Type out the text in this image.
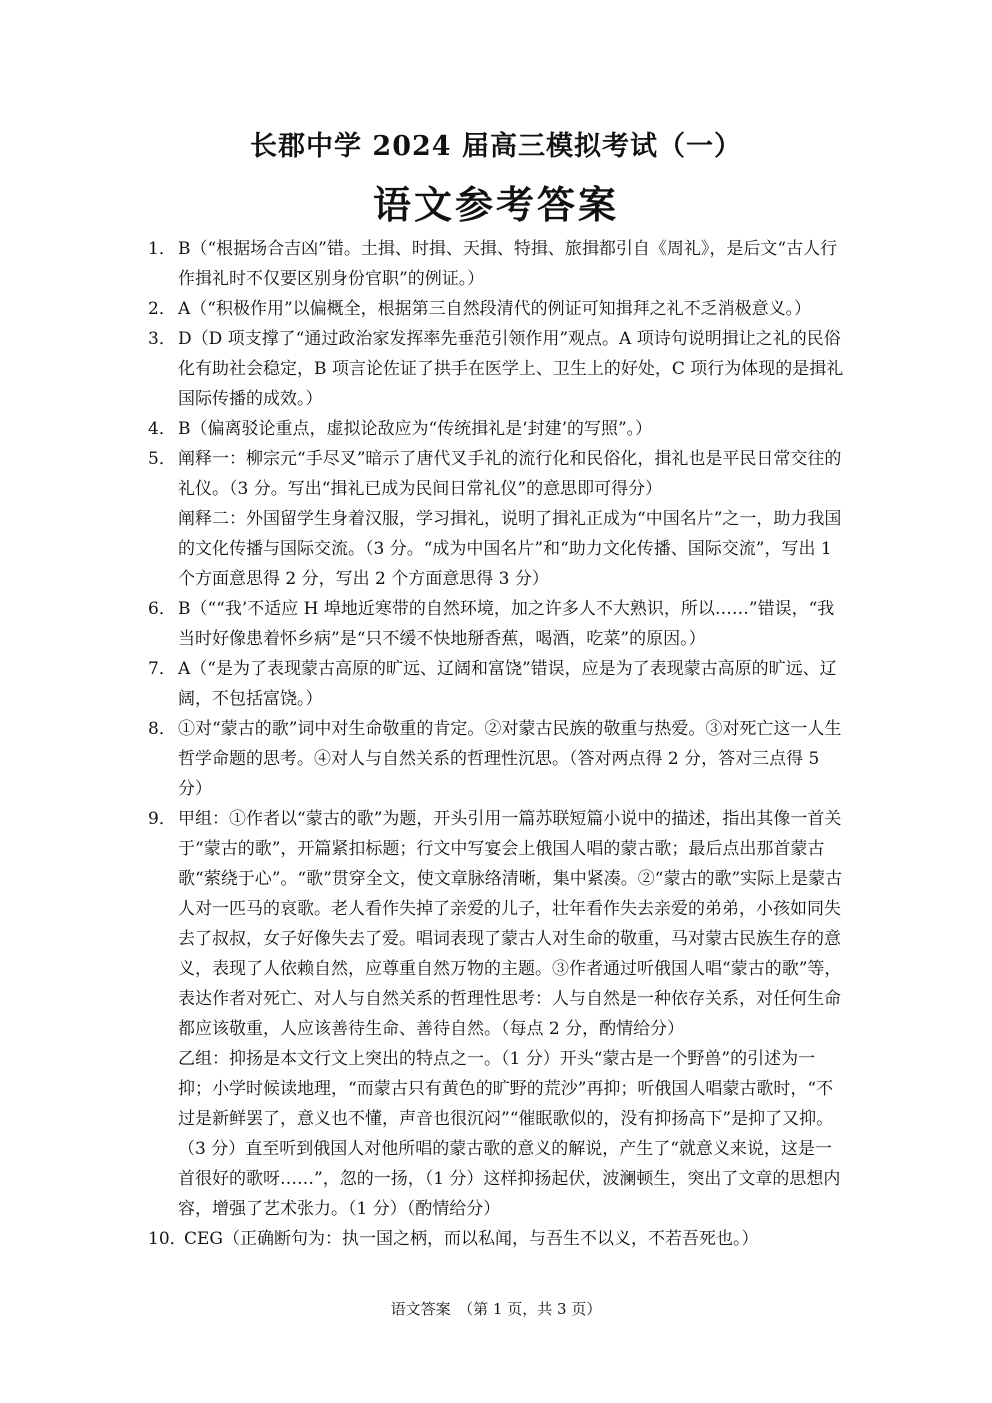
长郡中学 2024 届高三模拟考试（一）
语文参考答案
1． B（“根据场合吉凶”错。土揖、时揖、天揖、特揖、旅揖都引自《周礼》，是后文“古人行作揖礼时不仅要区别身份官职”的例证。）
2． A（“积极作用”以偏概全，根据第三自然段清代的例证可知揖拜之礼不乏消极意义。）
3． D（D 项支撑了“通过政治家发挥率先垂范引领作用”观点。A 项诗句说明揖让之礼的民俗化有助社会稳定，B 项言论佐证了拱手在医学上、卫生上的好处，C 项行为体现的是揖礼国际传播的成效。）
4． B（偏离驳论重点，虚拟论敌应为“传统揖礼是‘封建’的写照”。）
5． 阐释一：柳宗元“手尽叉”暗示了唐代叉手礼的流行化和民俗化，揖礼也是平民日常交往的礼仪。（3 分。写出“揖礼已成为民间日常礼仪”的意思即可得分）
阐释二：外国留学生身着汉服，学习揖礼，说明了揖礼正成为“中国名片”之一，助力我国的文化传播与国际交流。（3 分。“成为中国名片”和“助力文化传播、国际交流”，写出 1 个方面意思得 2 分，写出 2 个方面意思得 3 分）
6． B（““我’不适应 H 埠地近寒带的自然环境，加之许多人不大熟识，所以……”错误，“我当时好像患着怀乡病”是“只不缓不快地掰香蕉，喝酒，吃菜”的原因。）
7． A（“是为了表现蒙古高原的旷远、辽阔和富饶”错误，应是为了表现蒙古高原的旷远、辽阔，不包括富饶。）
8． ①对“蒙古的歌”词中对生命敬重的肯定。②对蒙古民族的敬重与热爱。③对死亡这一人生哲学命题的思考。④对人与自然关系的哲理性沉思。（答对两点得 2 分，答对三点得 5 分）
9． 甲组：①作者以“蒙古的歌”为题，开头引用一篇苏联短篇小说中的描述，指出其像一首关于“蒙古的歌”，开篇紧扣标题；行文中写宴会上俄国人唱的蒙古歌；最后点出那首蒙古歌“萦绕于心”。“歌”贯穿全文，使文章脉络清晰，集中紧凑。②“蒙古的歌”实际上是蒙古人对一匹马的哀歌。老人看作失掉了亲爱的儿子，壮年看作失去亲爱的弟弟，小孩如同失去了叔叔，女子好像失去了爱。唱词表现了蒙古人对生命的敬重，马对蒙古民族生存的意义，表现了人依赖自然，应尊重自然万物的主题。③作者通过听俄国人唱“蒙古的歌”等，表达作者对死亡、对人与自然关系的哲理性思考：人与自然是一种依存关系，对任何生命都应该敬重，人应该善待生命、善待自然。（每点 2 分，酌情给分）
乙组：抑扬是本文行文上突出的特点之一。（1 分）开头“蒙古是一个野兽”的引述为一抑；小学时候读地理，“而蒙古只有黄色的旷野的荒沙”再抑；听俄国人唱蒙古歌时，“不过是新鲜罢了，意义也不懂，声音也很沉闷”“催眠歌似的，没有抑扬高下”是抑了又抑。（3 分）直至听到俄国人对他所唱的蒙古歌的意义的解说，产生了“就意义来说，这是一首很好的歌呀……”，忽的一扬，（1 分）这样抑扬起伏，波澜顿生，突出了文章的思想内容，增强了艺术张力。（1 分）（酌情给分）
10．
CEG（正确断句为：执一国之柄，而以私闻，与吾生不以义，不若吾死也。）
语文答案　（第 1 页，共 3 页）
